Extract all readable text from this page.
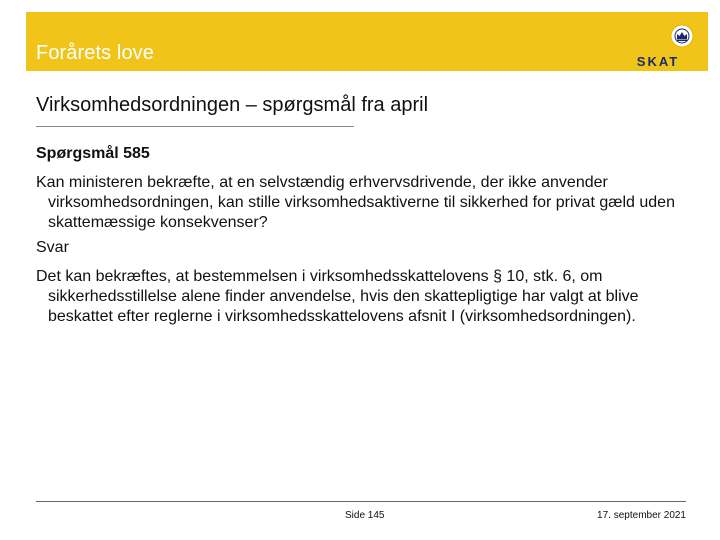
Forårets love	SKAT
Virksomhedsordningen – spørgsmål fra april
Spørgsmål 585

Kan ministeren bekræfte, at en selvstændig erhvervsdrivende, der ikke anvender virksomhedsordningen, kan stille virksomhedsaktiverne til sikkerhed for privat gæld uden skattemæssige konsekvenser?

Svar

Det kan bekræftes, at bestemmelsen i virksomhedsskattelovens § 10, stk. 6, om sikkerhedsstillelse alene finder anvendelse, hvis den skattepligtige har valgt at blive beskattet efter reglerne i virksomhedsskattelovens afsnit I (virksomhedsordningen).

Side 145	17. september 2021
